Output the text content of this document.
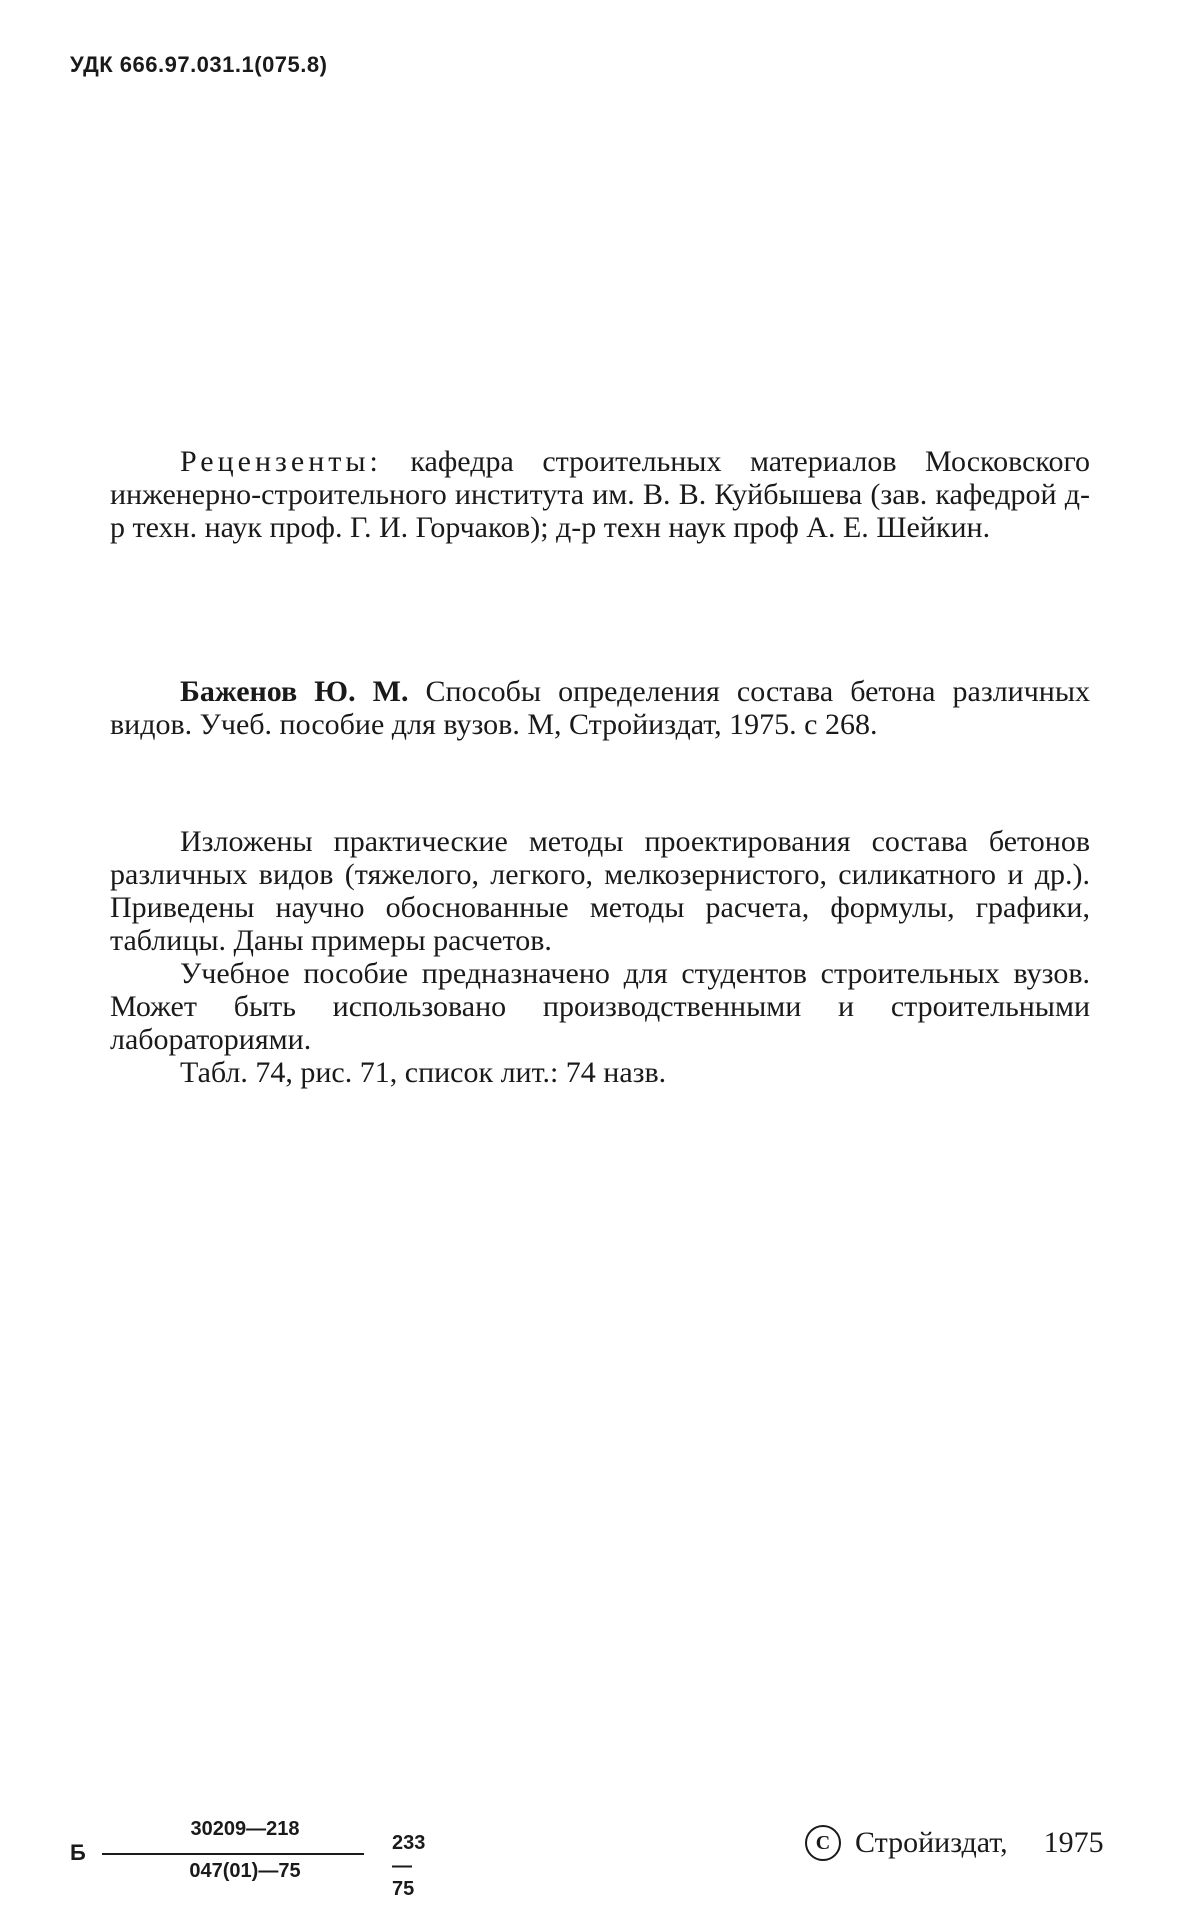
УДК 666.97.031.1(075.8)

Рецензенты: кафедра строительных материалов Московского инженерно-строительного института им. В. В. Куйбышева (зав. кафедрой д-р техн. наук проф. Г. И. Горчаков); д-р техн наук проф А. Е. Шейкин.

Баженов Ю. М. Способы определения состава бетона различных видов. Учеб. пособие для вузов. М, Стройиздат, 1975. с 268.

Изложены практические методы проектирования состава бетонов различных видов (тяжелого, легкого, мелкозернистого, силикатного и др.). Приведены научно обоснованные методы расчета, формулы, графики, таблицы. Даны примеры расчетов.

Учебное пособие предназначено для студентов строительных вузов. Может быть использовано производственными и строительными лабораториями.

Табл. 74, рис. 71, список лит.: 74 назв.

Б
30209—218
047(01)—75
233—75
C
Стройиздат, 1975
